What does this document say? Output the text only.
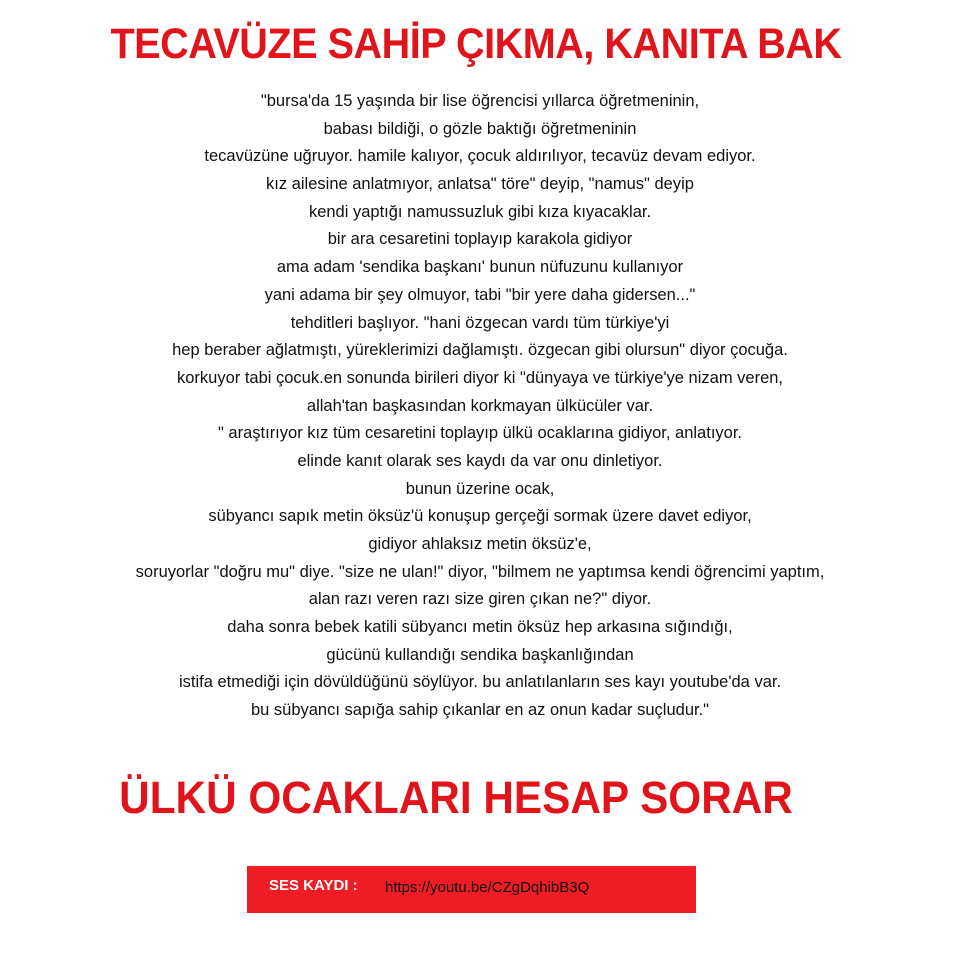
TECAVÜZE SAHİP ÇIKMA, KANITA BAK
"bursa'da 15 yaşında bir lise öğrencisi yıllarca öğretmeninin,
babası bildiği, o gözle baktığı öğretmeninin
tecavüzüne uğruyor. hamile kalıyor, çocuk aldırılıyor, tecavüz devam ediyor.
kız ailesine anlatmıyor, anlatsa" töre" deyip, "namus" deyip
kendi yaptığı namussuzluk gibi kıza kıyacaklar.
bir ara cesaretini toplayıp karakola gidiyor
ama adam 'sendika başkanı' bunun nüfuzunu kullanıyor
yani adama bir şey olmuyor, tabi "bir yere daha gidersen..."
tehditleri başlıyor. "hani özgecan vardı tüm türkiye'yi
hep beraber ağlatmıştı, yüreklerimizi dağlamıştı. özgecan gibi olursun" diyor çocuğa.
korkuyor tabi çocuk.en sonunda birileri diyor ki "dünyaya ve türkiye'ye nizam veren,
allah'tan başkasından korkmayan ülkücüler var.
" araştırıyor kız tüm cesaretini toplayıp ülkü ocaklarına gidiyor, anlatıyor.
elinde kanıt olarak ses kaydı da var onu dinletiyor.
bunun üzerine ocak,
sübyancı sapık metin öksüz'ü konuşup gerçeği sormak üzere davet ediyor,
gidiyor ahlaksız metin öksüz'e,
soruyorlar "doğru mu" diye. "size ne ulan!" diyor, "bilmem ne yaptımsa kendi öğrencimi yaptım,
alan razı veren razı size giren çıkan ne?" diyor.
daha sonra bebek katili sübyancı metin öksüz hep arkasına sığındığı,
gücünü kullandığı sendika başkanlığından
istifa etmediği için dövüldüğünü söylüyor. bu anlatılanların ses kayı youtube'da var.
bu sübyancı sapığa sahip çıkanlar en az onun kadar suçludur."
ÜLKÜ OCAKLARI HESAP SORAR
SES KAYDI : https://youtu.be/CZgDqhibB3Q
